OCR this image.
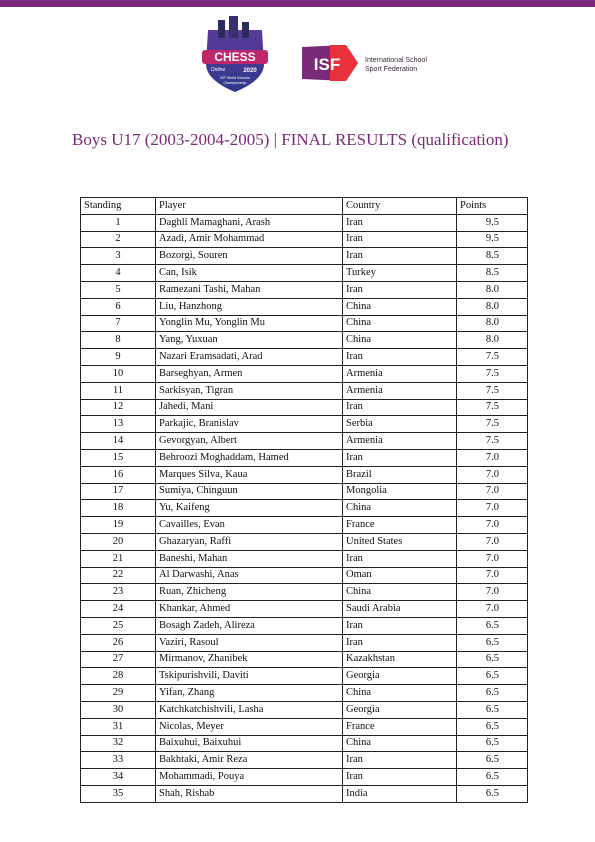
CHESS
Online	2020
ISF World Schools
Championship
ISF	International School
Sport Federation
Boys U17 (2003-2004-2005) | FINAL RESULTS (qualification)
Standing	Player	Country	Points
1	Daghli Mamaghani, Arash	Iran	9.5
2	Azadi, Amir Mohammad	Iran	9.5
3	Bozorgi, Souren	Iran	8.5
4	Can, Isik	Turkey	8.5
5	Ramezani Tashi, Mahan	Iran	8.0
6	Liu, Hanzhong	China	8.0
7	Yonglin Mu, Yonglin Mu	China	8.0
8	Yang, Yuxuan	China	8.0
9	Nazari Eramsadati, Arad	Iran	7.5
10	Barseghyan, Armen	Armenia	7.5
11	Sarkisyan, Tigran	Armenia	7.5
12	Jahedi, Mani	Iran	7.5
13	Parkajic, Branislav	Serbia	7.5
14	Gevorgyan, Albert	Armenia	7.5
15	Behroozi Moghaddam, Hamed	Iran	7.0
16	Marques Silva, Kaua	Brazil	7.0
17	Sumiya, Chinguun	Mongolia	7.0
18	Yu, Kaifeng	China	7.0
19	Cavailles, Evan	France	7.0
20	Ghazaryan, Raffi	United States	7.0
21	Baneshi, Mahan	Iran	7.0
22	Al Darwashi, Anas	Oman	7.0
23	Ruan, Zhicheng	China	7.0
24	Khankar, Ahmed	Saudi Arabia	7.0
25	Bosagh Zadeh, Alireza	Iran	6.5
26	Vaziri, Rasoul	Iran	6.5
27	Mirmanov, Zhanibek	Kazakhstan	6.5
28	Tskipurishvili, Daviti	Georgia	6.5
29	Yifan, Zhang	China	6.5
30	Katchkatchishvili, Lasha	Georgia	6.5
31	Nicolas, Meyer	France	6.5
32	Baixuhui, Baixuhui	China	6.5
33	Bakhtaki, Amir Reza	Iran	6.5
34	Mohammadi, Pouya	Iran	6.5
35	Shah, Rishab	India	6.5
